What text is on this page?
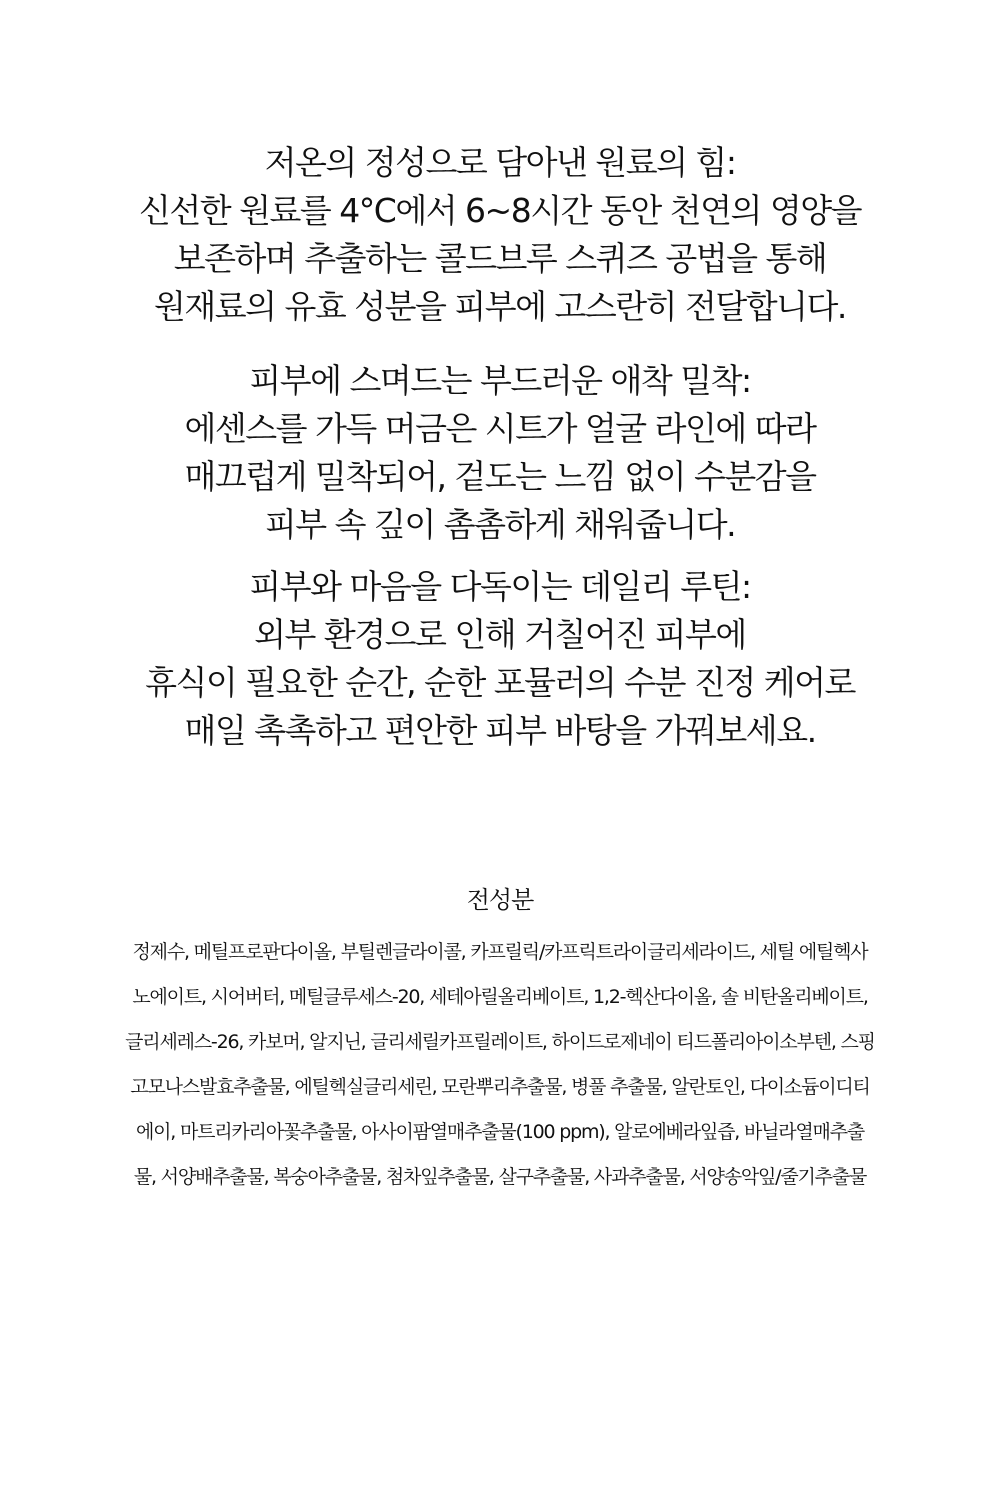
저온의 정성으로 담아낸 원료의 힘:

신선한 원료를 4°C에서 6~8시간 동안 천연의 영양을

보존하며 추출하는 콜드브루 스퀴즈 공법을 통해

원재료의 유효 성분을 피부에 고스란히 전달합니다.

피부에 스며드는 부드러운 애착 밀착:

에센스를 가득 머금은 시트가 얼굴 라인에 따라

매끄럽게 밀착되어, 겉도는 느낌 없이 수분감을

피부 속 깊이 촘촘하게 채워줍니다.

피부와 마음을 다독이는 데일리 루틴:

외부 환경으로 인해 거칠어진 피부에

휴식이 필요한 순간, 순한 포뮬러의 수분 진정 케어로

매일 촉촉하고 편안한 피부 바탕을 가꿔보세요.

전성분

정제수, 메틸프로판다이올, 부틸렌글라이콜, 카프릴릭/카프릭트라이글리세라이드, 세틸 에틸헥사

노에이트, 시어버터, 메틸글루세스-20, 세테아릴올리베이트, 1,2-헥산다이올, 솔 비탄올리베이트,

글리세레스-26, 카보머, 알지닌, 글리세릴카프릴레이트, 하이드로제네이 티드폴리아이소부텐, 스핑

고모나스발효추출물, 에틸헥실글리세린, 모란뿌리추출물, 병풀 추출물, 알란토인, 다이소듐이디티

에이, 마트리카리아꽃추출물, 아사이팜열매추출물(100 ppm), 알로에베라잎즙, 바닐라열매추출

물, 서양배추출물, 복숭아추출물, 첨차잎추출물, 살구추출물, 사과추출물, 서양송악잎/줄기추출물
